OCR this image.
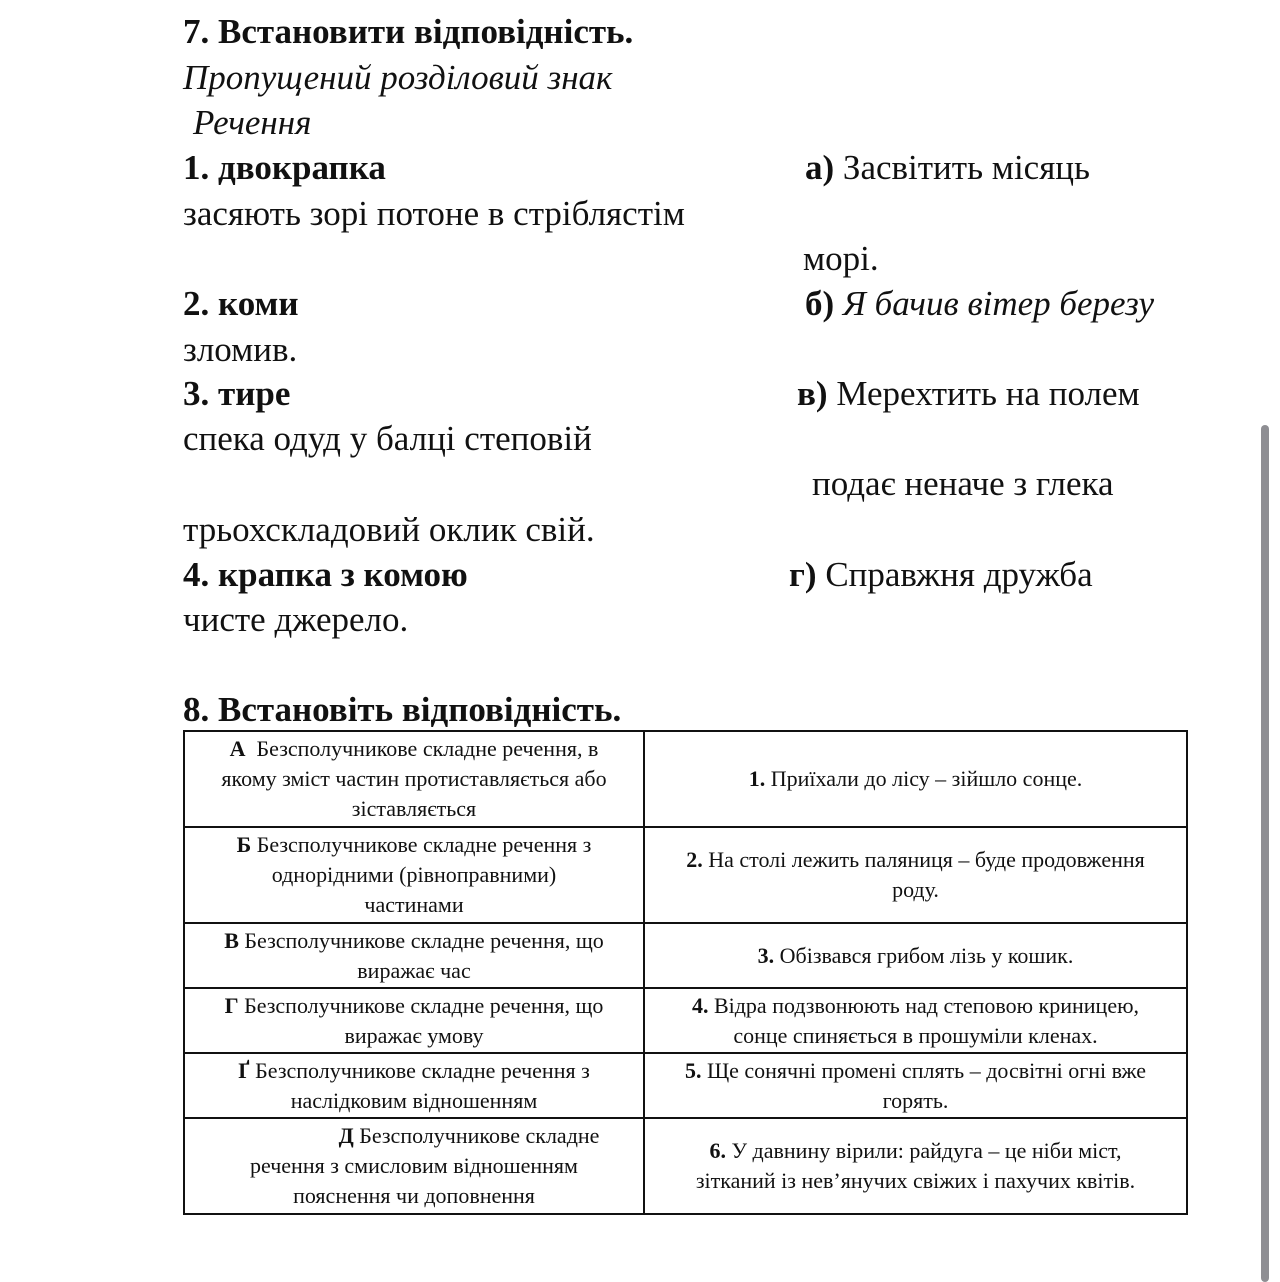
7. Встановити відповідність.
Пропущений розділовий знак
Речення
1. двокрапка	а) Засвітить місяць
засяють зорі потоне в стріблястім
морі.
2. коми	б) Я бачив вітер березу
зломив.
3. тире	в) Мерехтить на полем
спека одуд у балці степовій
подає неначе з глека
трьохскладовий оклик свій.
4. крапка з комою	г) Справжня дружба
чисте джерело.
8. Встановіть відповідність.
А Безсполучникове складне речення, в
якому зміст частин протиставляється або
зіставляється	1. Приїхали до лісу – зійшло сонце.

Б Безсполучникове складне речення з
однорідними (рівноправними)
частинами	2. На столі лежить паляниця – буде продовження
роду.

В Безсполучникове складне речення, що
виражає час	3. Обізвався грибом лізь у кошик.

Г Безсполучникове складне речення, що
виражає умову	4. Відра подзвонюють над степовою криницею,
сонце спиняється в прошуміли кленах.

Ґ Безсполучникове складне речення з
наслідковим відношенням	5. Ще сонячні промені сплять – досвітні огні вже
горять.

Д Безсполучникове складне
речення з смисловим відношенням
пояснення чи доповнення	6. У давнину вірили: райдуга – це ніби міст,
зітканий із нев’янучих свіжих і пахучих квітів.
